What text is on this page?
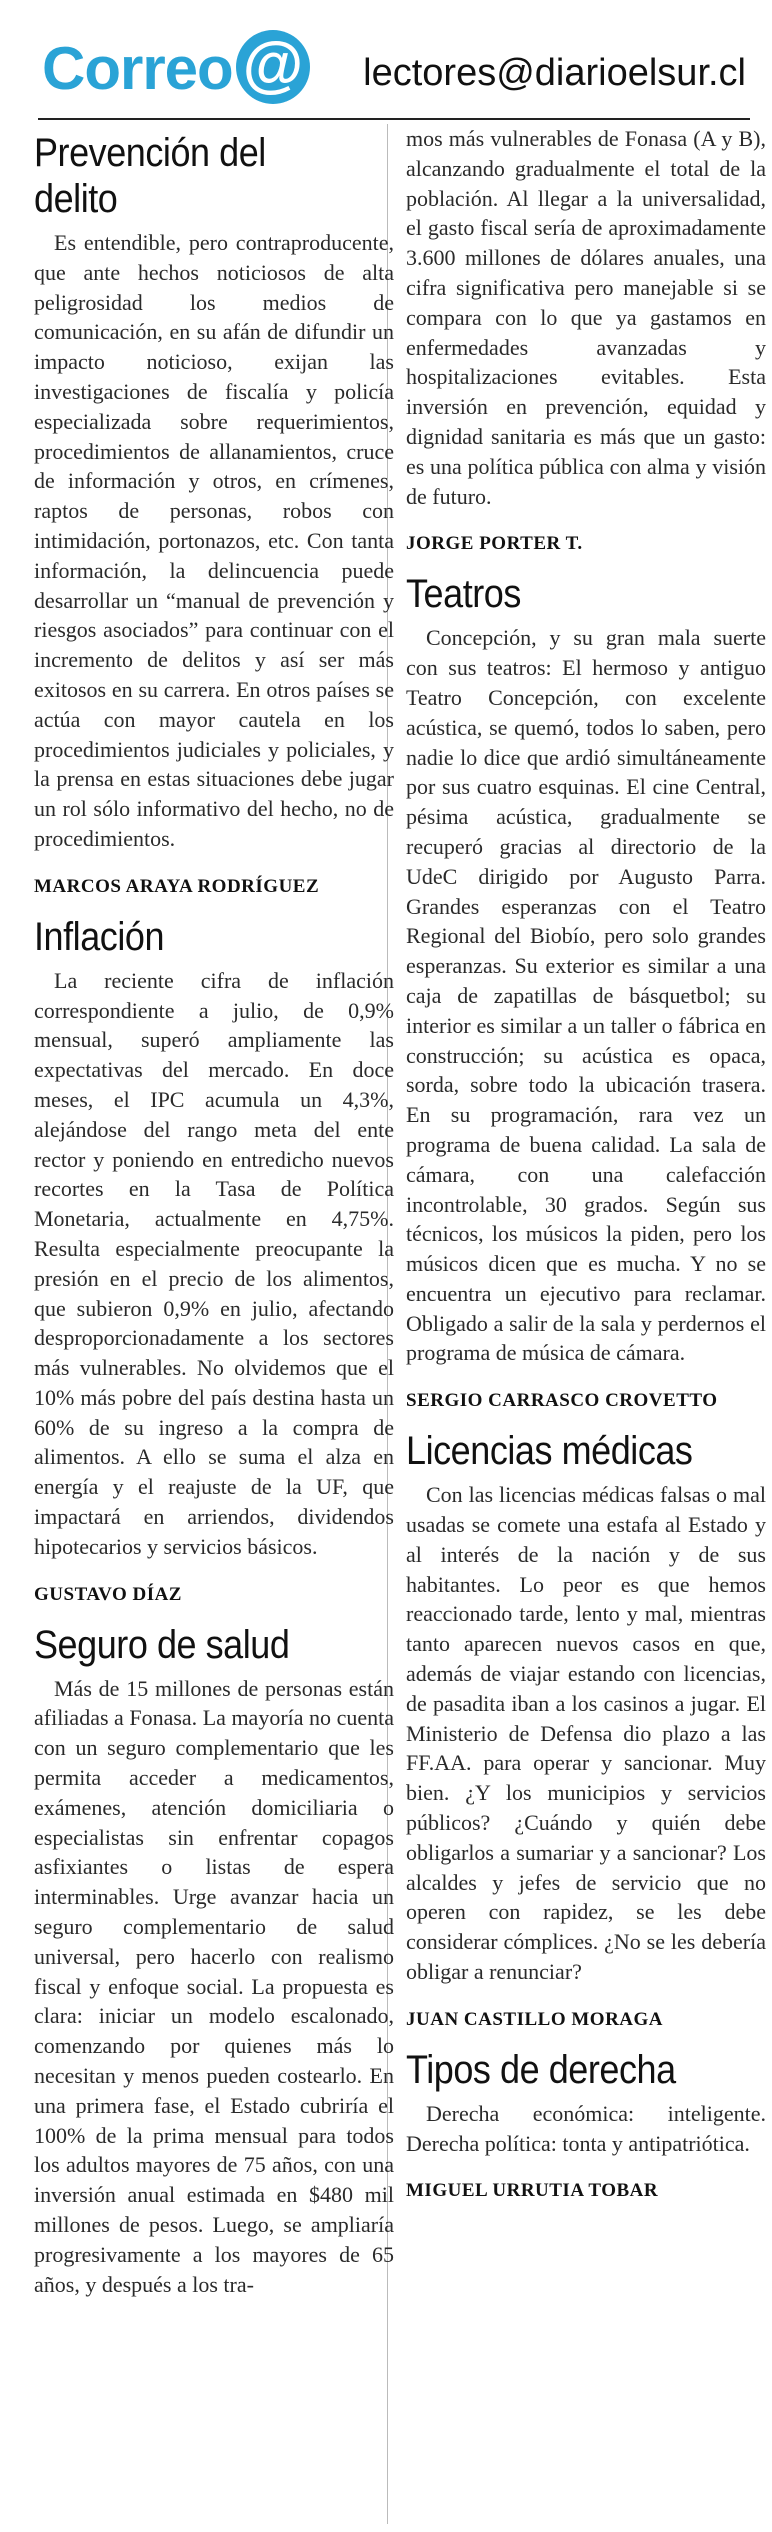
Correo @ lectores@diarioelsur.cl
Prevención del delito

Es entendible, pero contraproducente, que ante hechos noticiosos de alta peligrosidad los medios de comunicación, en su afán de difundir un impacto noticioso, exijan las investigaciones de fiscalía y policía especializada sobre requerimientos, procedimientos de allanamientos, cruce de información y otros, en crímenes, raptos de personas, robos con intimidación, portonazos, etc. Con tanta información, la delincuencia puede desarrollar un “manual de prevención y riesgos asociados” para continuar con el incremento de delitos y así ser más exitosos en su carrera. En otros países se actúa con mayor cautela en los procedimientos judiciales y policiales, y la prensa en estas situaciones debe jugar un rol sólo informativo del hecho, no de procedimientos.

MARCOS ARAYA RODRÍGUEZ
Inflación

La reciente cifra de inflación correspondiente a julio, de 0,9% mensual, superó ampliamente las expectativas del mercado. En doce meses, el IPC acumula un 4,3%, alejándose del rango meta del ente rector y poniendo en entredicho nuevos recortes en la Tasa de Política Monetaria, actualmente en 4,75%. Resulta especialmente preocupante la presión en el precio de los alimentos, que subieron 0,9% en julio, afectando desproporcionadamente a los sectores más vulnerables. No olvidemos que el 10% más pobre del país destina hasta un 60% de su ingreso a la compra de alimentos. A ello se suma el alza en energía y el reajuste de la UF, que impactará en arriendos, dividendos hipotecarios y servicios básicos.

GUSTAVO DÍAZ
Seguro de salud

Más de 15 millones de personas están afiliadas a Fonasa. La mayoría no cuenta con un seguro complementario que les permita acceder a medicamentos, exámenes, atención domiciliaria o especialistas sin enfrentar copagos asfixiantes o listas de espera interminables. Urge avanzar hacia un seguro complementario de salud universal, pero hacerlo con realismo fiscal y enfoque social. La propuesta es clara: iniciar un modelo escalonado, comenzando por quienes más lo necesitan y menos pueden costearlo. En una primera fase, el Estado cubriría el 100% de la prima mensual para todos los adultos mayores de 75 años, con una inversión anual estimada en $480 mil millones de pesos. Luego, se ampliaría progresivamente a los mayores de 65 años, y después a los tra-

mos más vulnerables de Fonasa (A y B), alcanzando gradualmente el total de la población. Al llegar a la universalidad, el gasto fiscal sería de aproximadamente 3.600 millones de dólares anuales, una cifra significativa pero manejable si se compara con lo que ya gastamos en enfermedades avanzadas y hospitalizaciones evitables. Esta inversión en prevención, equidad y dignidad sanitaria es más que un gasto: es una política pública con alma y visión de futuro.

JORGE PORTER T.
Teatros

Concepción, y su gran mala suerte con sus teatros: El hermoso y antiguo Teatro Concepción, con excelente acústica, se quemó, todos lo saben, pero nadie lo dice que ardió simultáneamente por sus cuatro esquinas. El cine Central, pésima acústica, gradualmente se recuperó gracias al directorio de la UdeC dirigido por Augusto Parra. Grandes esperanzas con el Teatro Regional del Biobío, pero solo grandes esperanzas. Su exterior es similar a una caja de zapatillas de básquetbol; su interior es similar a un taller o fábrica en construcción; su acústica es opaca, sorda, sobre todo la ubicación trasera. En su programación, rara vez un programa de buena calidad. La sala de cámara, con una calefacción incontrolable, 30 grados. Según sus técnicos, los músicos la piden, pero los músicos dicen que es mucha. Y no se encuentra un ejecutivo para reclamar. Obligado a salir de la sala y perdernos el programa de música de cámara.

SERGIO CARRASCO CROVETTO
Licencias médicas

Con las licencias médicas falsas o mal usadas se comete una estafa al Estado y al interés de la nación y de sus habitantes. Lo peor es que hemos reaccionado tarde, lento y mal, mientras tanto aparecen nuevos casos en que, además de viajar estando con licencias, de pasadita iban a los casinos a jugar. El Ministerio de Defensa dio plazo a las FF.AA. para operar y sancionar. Muy bien. ¿Y los municipios y servicios públicos? ¿Cuándo y quién debe obligarlos a sumariar y a sancionar? Los alcaldes y jefes de servicio que no operen con rapidez, se les debe considerar cómplices. ¿No se les debería obligar a renunciar?

JUAN CASTILLO MORAGA
Tipos de derecha

Derecha económica: inteligente. Derecha política: tonta y antipatriótica.

MIGUEL URRUTIA TOBAR
